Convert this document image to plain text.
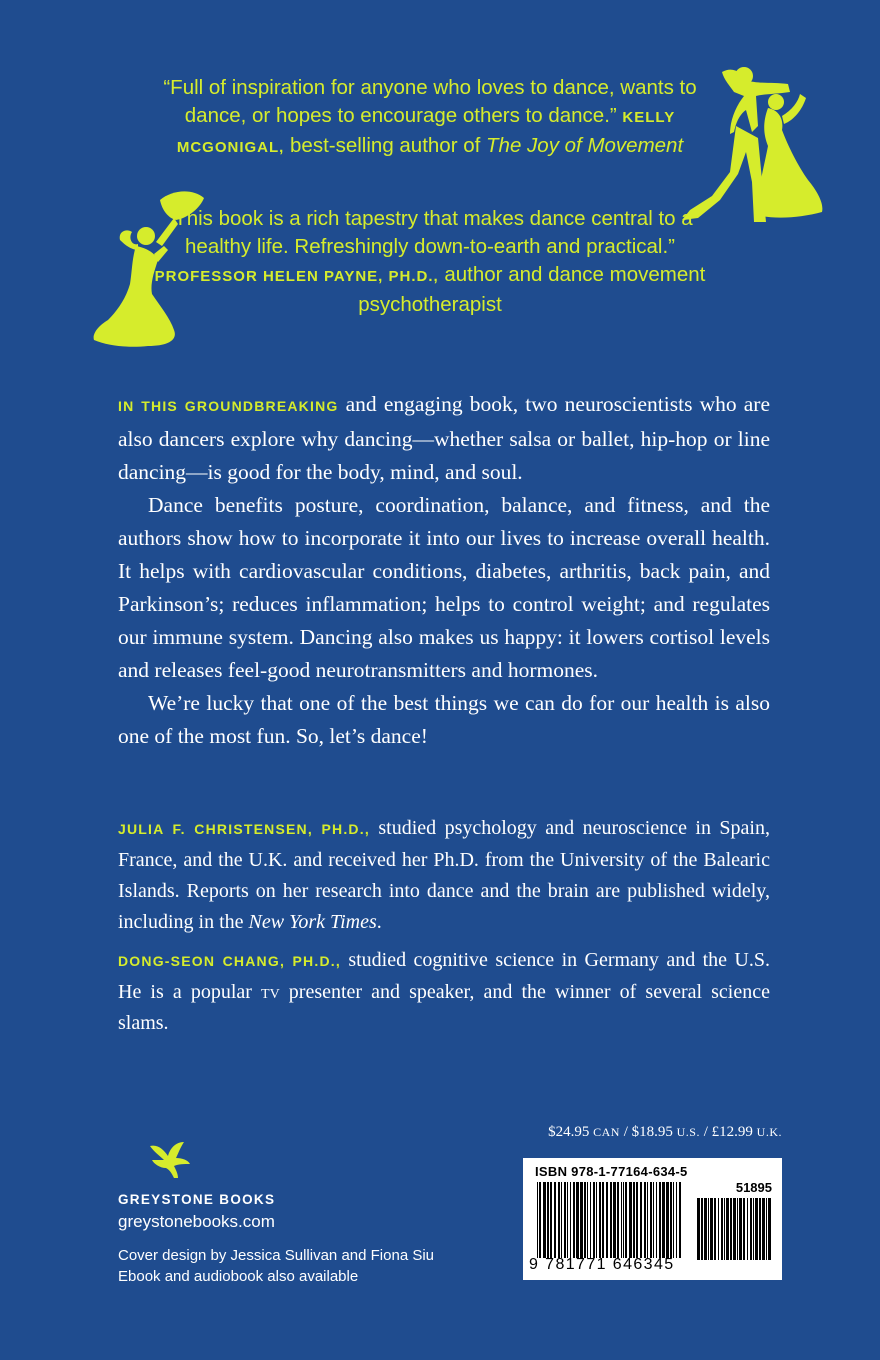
“Full of inspiration for anyone who loves to dance, wants to dance, or hopes to encourage others to dance.” KELLY MCGONIGAL, best-selling author of The Joy of Movement
“This book is a rich tapestry that makes dance central to a healthy life. Refreshingly down-to-earth and practical.” PROFESSOR HELEN PAYNE, PH.D., author and dance movement psychotherapist

IN THIS GROUNDBREAKING and engaging book, two neuroscientists who are also dancers explore why dancing—whether salsa or ballet, hip-hop or line dancing—is good for the body, mind, and soul.

Dance benefits posture, coordination, balance, and fitness, and the authors show how to incorporate it into our lives to increase overall health. It helps with cardiovascular conditions, diabetes, arthritis, back pain, and Parkinson’s; reduces inflammation; helps to control weight; and regulates our immune system. Dancing also makes us happy: it lowers cortisol levels and releases feel-good neurotransmitters and hormones.

We’re lucky that one of the best things we can do for our health is also one of the most fun. So, let’s dance!

JULIA F. CHRISTENSEN, PH.D., studied psychology and neuroscience in Spain, France, and the U.K. and received her Ph.D. from the University of the Balearic Islands. Reports on her research into dance and the brain are published widely, including in the New York Times.

DONG-SEON CHANG, PH.D., studied cognitive science in Germany and the U.S. He is a popular tv presenter and speaker, and the winner of several science slams.

$24.95 CAN / $18.95 U.S. / £12.99 U.K.
ISBN 978-1-77164-634-5
51895
9 781771 646345
GREYSTONE BOOKS
greystonebooks.com
Cover design by Jessica Sullivan and Fiona Siu
Ebook and audiobook also available
